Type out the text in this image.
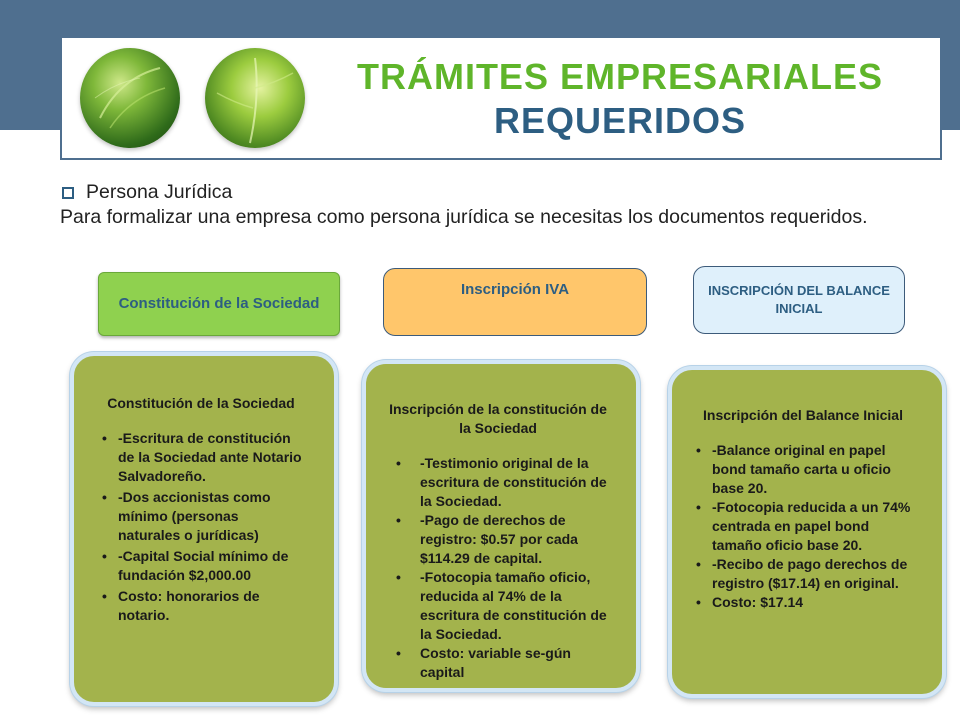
TRÁMITES EMPRESARIALES
REQUERIDOS
Persona Jurídica
Para formalizar una empresa como persona jurídica se necesitas los documentos requeridos.
Constitución de la Sociedad
Inscripción IVA	INSCRIPCIÓN DEL BALANCE INICIAL
Constitución de la Sociedad
• -Escritura de constitución de la Sociedad ante Notario Salvadoreño.
• -Dos accionistas como mínimo (personas naturales o jurídicas)
• -Capital Social mínimo de fundación $2,000.00
• Costo: honorarios de notario.
Inscripción de la constitución de la Sociedad
• -Testimonio original de la escritura de constitución de la Sociedad.
• -Pago de derechos de registro: $0.57 por cada $114.29 de capital.
• -Fotocopia tamaño oficio, reducida al 74% de la escritura de constitución de la Sociedad.
• Costo: variable se-gún capital
Inscripción del Balance Inicial
• -Balance original en papel bond tamaño carta u oficio base 20.
• -Fotocopia reducida a un 74% centrada en papel bond tamaño oficio base 20.
• -Recibo de pago derechos de registro ($17.14) en original.
• Costo: $17.14
